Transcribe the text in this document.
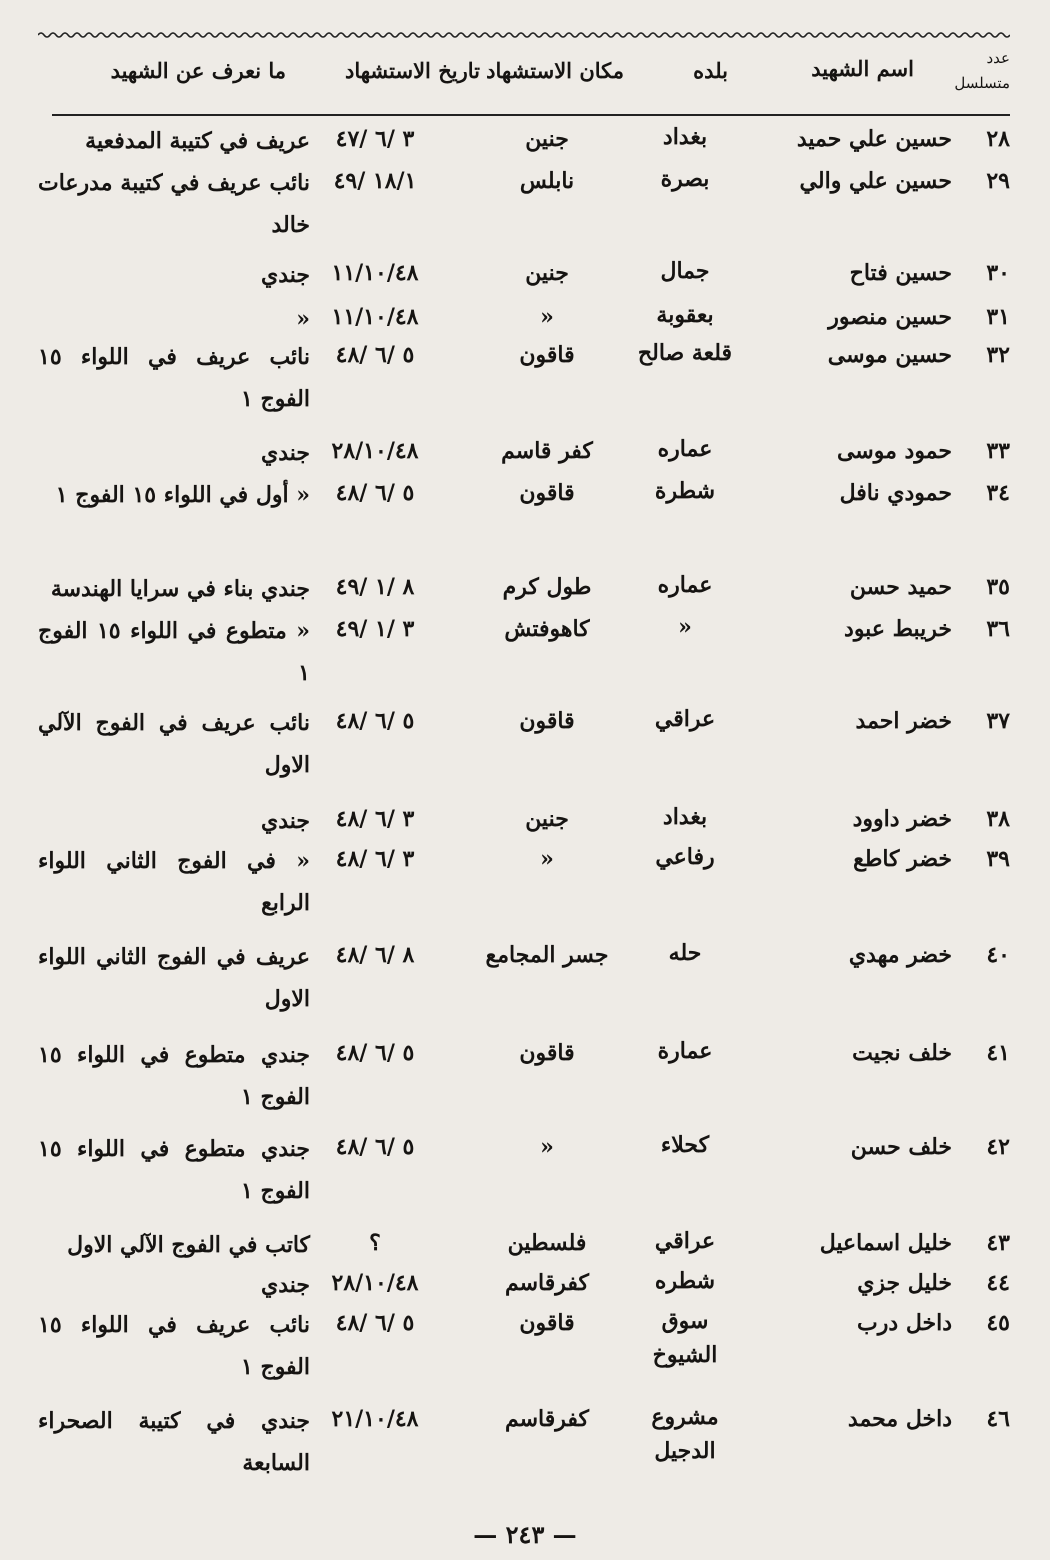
عدد
متسلسل
اسم الشهيد
بلده
مكان الاستشهاد
تاريخ الاستشهاد
ما نعرف عن الشهيد
٢٨
حسين علي حميد
بغداد
جنين
٣ /٦ /٤٧
عريف في كتيبة المدفعية
٢٩
حسين علي والي
بصرة
نابلس
١٨/١ /٤٩
نائب عريف في كتيبة مدرعات خالد
٣٠
حسين فتاح
جمال
جنين
١١/١٠/٤٨
جندي
٣١
حسين منصور
بعقوبة
«
١١/١٠/٤٨
«
٣٢
حسين موسى
قلعة صالح
قاقون
٥ /٦ /٤٨
نائب عريف في اللواء ١٥ الفوج ١
٣٣
حمود موسى
عماره
كفر قاسم
٢٨/١٠/٤٨
جندي
٣٤
حمودي نافل
شطرة
قاقون
٥ /٦ /٤٨
« أول في اللواء ١٥ الفوج ١
٣٥
حميد حسن
عماره
طول كرم
٨ /١ /٤٩
جندي بناء في سرايا الهندسة
٣٦
خريبط عبود
«
كاهوفتش
٣ /١ /٤٩
« متطوع في اللواء ١٥ الفوج ١
٣٧
خضر احمد
عراقي
قاقون
٥ /٦ /٤٨
نائب عريف في الفوج الآلي الاول
٣٨
خضر داوود
بغداد
جنين
٣ /٦ /٤٨
جندي
٣٩
خضر كاطع
رفاعي
«
٣ /٦ /٤٨
« في الفوج الثاني اللواء الرابع
٤٠
خضر مهدي
حله
جسر المجامع
٨ /٦ /٤٨
عريف في الفوج الثاني اللواء الاول
٤١
خلف نجيت
عمارة
قاقون
٥ /٦ /٤٨
جندي متطوع في اللواء ١٥ الفوج ١
٤٢
خلف حسن
كحلاء
«
٥ /٦ /٤٨
جندي متطوع في اللواء ١٥ الفوج ١
٤٣
خليل اسماعيل
عراقي
فلسطين
؟
كاتب في الفوج الآلي الاول
٤٤
خليل جزي
شطره
كفرقاسم
٢٨/١٠/٤٨
جندي
٤٥
داخل درب
سوق الشيوخ
قاقون
٥ /٦ /٤٨
نائب عريف في اللواء ١٥ الفوج ١
٤٦
داخل محمد
مشروع الدجيل
كفرقاسم
٢١/١٠/٤٨
جندي في كتيبة الصحراء السابعة
— ٢٤٣ —
